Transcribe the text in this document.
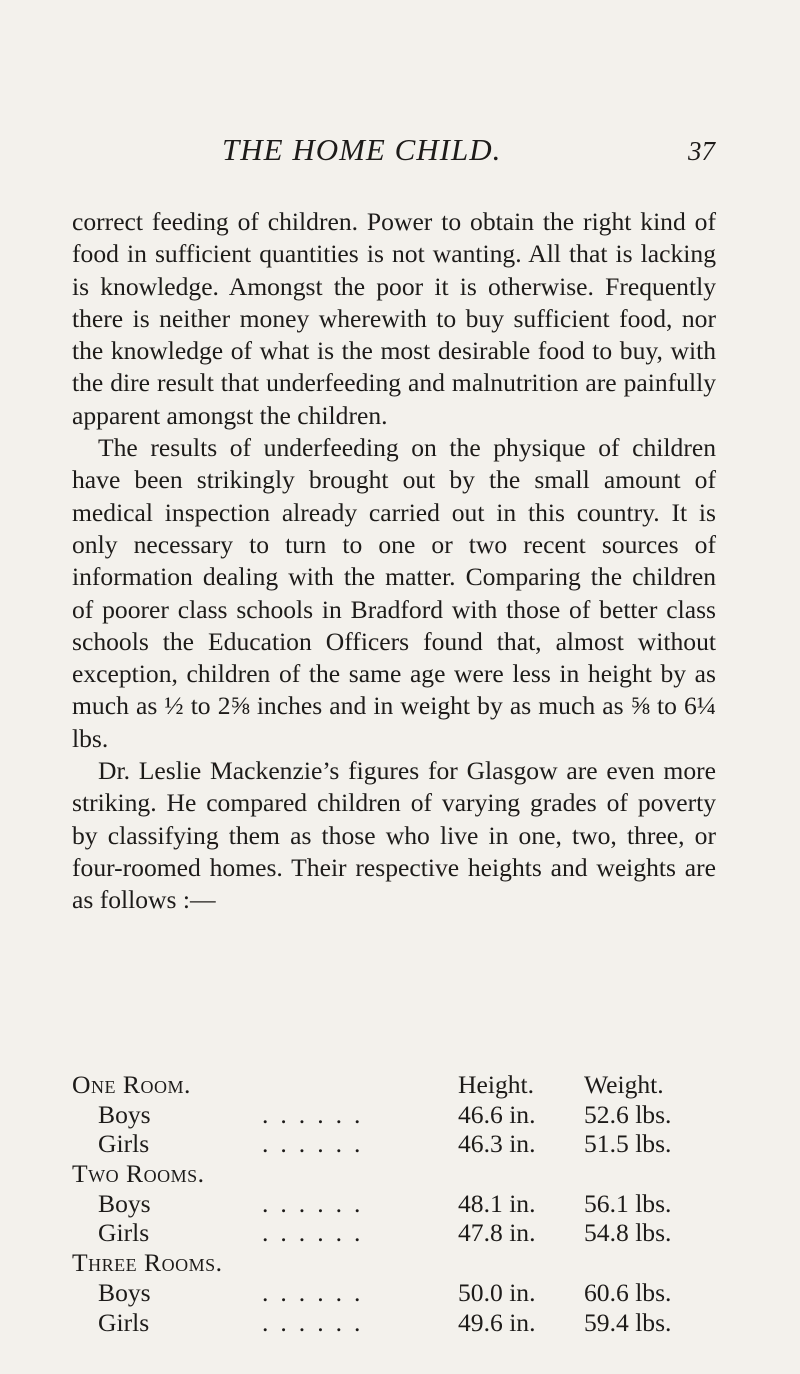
THE HOME CHILD.	37

correct feeding of children. Power to obtain the right kind of food in sufficient quantities is not wanting. All that is lacking is knowledge. Amongst the poor it is otherwise. Frequently there is neither money wherewith to buy sufficient food, nor the knowledge of what is the most desirable food to buy, with the dire result that underfeeding and malnutrition are painfully apparent amongst the children.

The results of underfeeding on the physique of children have been strikingly brought out by the small amount of medical inspection already carried out in this country. It is only necessary to turn to one or two recent sources of information dealing with the matter. Comparing the children of poorer class schools in Bradford with those of better class schools the Education Officers found that, almost without exception, children of the same age were less in height by as much as ½ to 2⅝ inches and in weight by as much as ⅝ to 6¼ lbs.

Dr. Leslie Mackenzie’s figures for Glasgow are even more striking. He compared children of varying grades of poverty by classifying them as those who live in one, two, three, or four-roomed homes. Their respective heights and weights are as follows :—

One Room.	Height. Weight.
Boys	......	46.6 in. 52.6 lbs.
Girls	......	46.3 in. 51.5 lbs.
Two Rooms.
Boys	......	48.1 in. 56.1 lbs.
Girls	......	47.8 in. 54.8 lbs.
Three Rooms.
Boys	......	50.0 in. 60.6 lbs.
Girls	......	49.6 in. 59.4 lbs.
